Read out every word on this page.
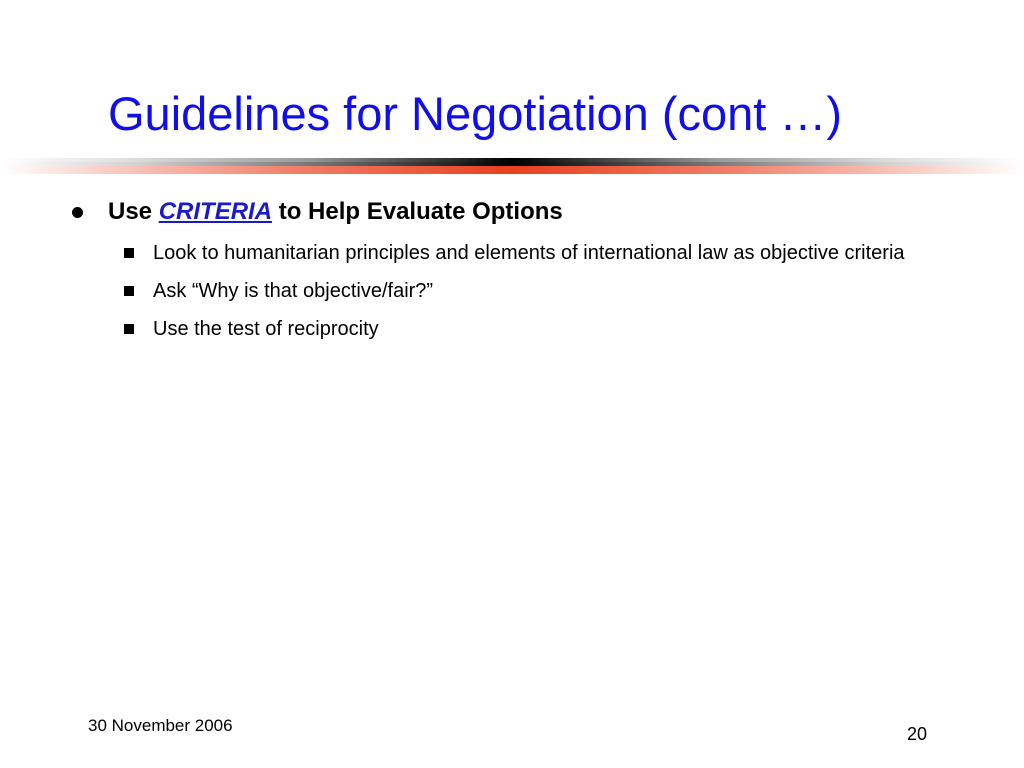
Guidelines for Negotiation (cont …)
Use CRITERIA to Help Evaluate Options
Look to humanitarian principles and elements of international law as objective criteria
Ask “Why is that objective/fair?”
Use the test of reciprocity
30 November 2006	20
